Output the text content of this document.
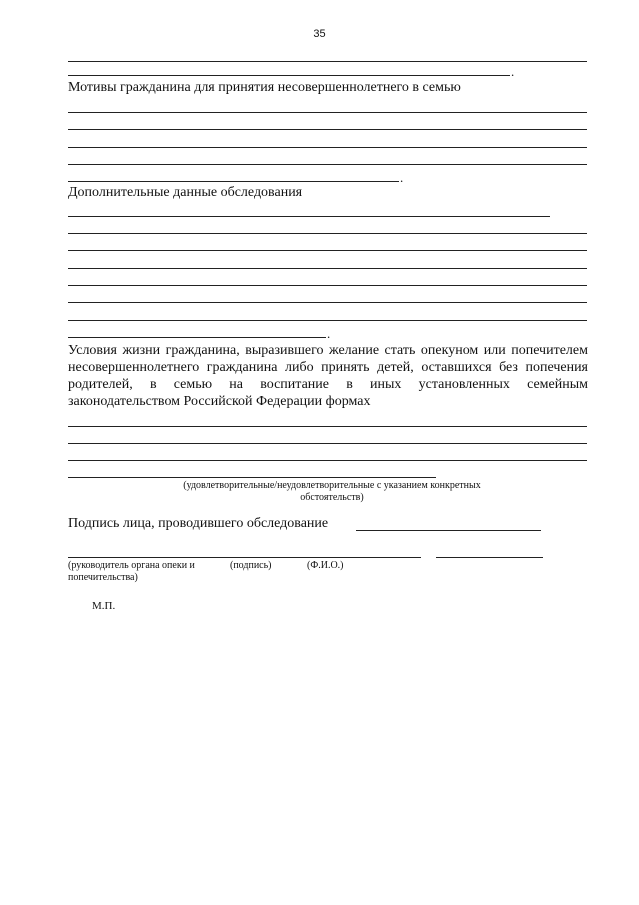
35
.
Мотивы гражданина для принятия несовершеннолетнего в семью
.
Дополнительные данные обследования
.
Условия жизни гражданина, выразившего желание стать опекуном или попечителем несовершеннолетнего гражданина либо принять детей, оставшихся без попечения родителей, в семью на воспитание в иных установленных семейным законодательством Российской Федерации формах
(удовлетворительные/неудовлетворительные с указанием конкретных обстоятельств)
Подпись лица, проводившего обследование
(руководитель органа опеки и попечительства)
(подпись)	(Ф.И.О.)
М.П.
